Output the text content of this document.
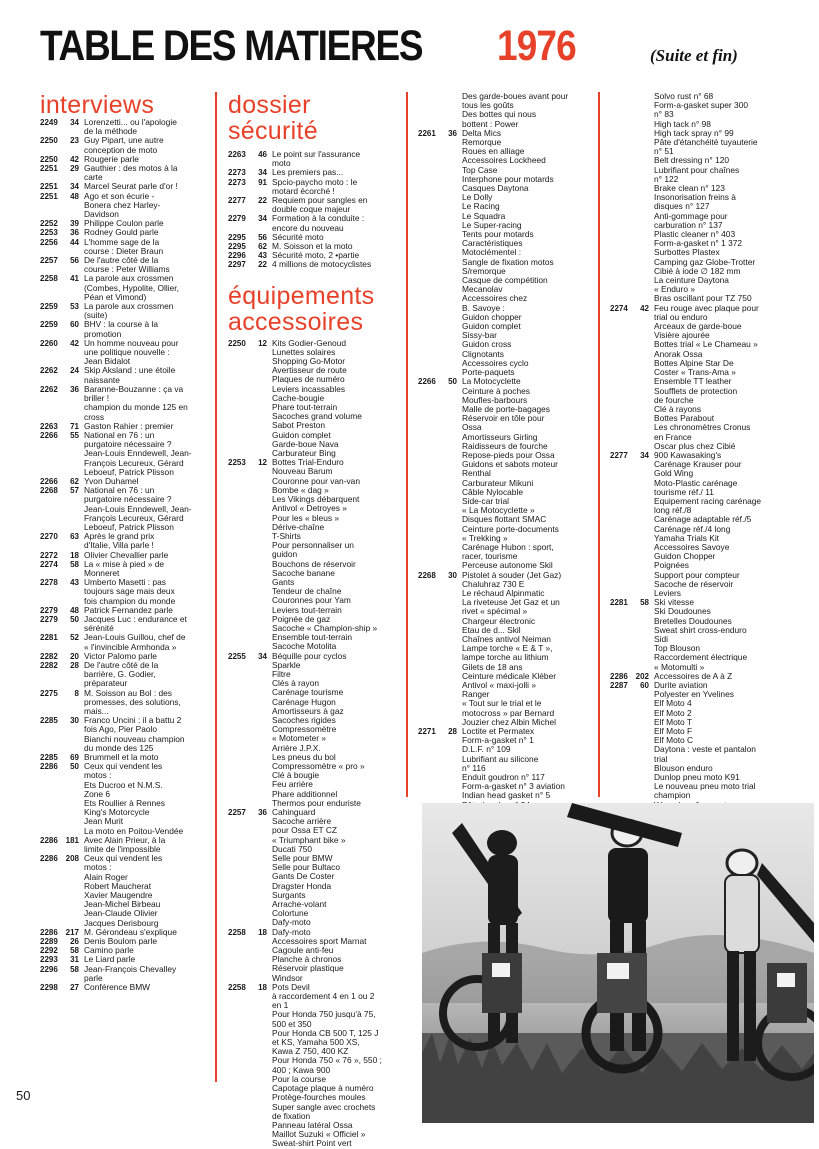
TABLE DES MATIERES 1976	(Suite et fin)
interviews
2249	34 Lorenzetti... ou l'apologie
de la méthode
2250	23 Guy Pipart, une autre
conception de moto
2250	42 Rougerie parle
2251	29 Gauthier : des motos à la
carte
2251	34 Marcel Seurat parle d'or !
2251	48 Ago et son écurie -
Bonera chez Harley-
Davidson
2252	39 Philippe Coulon parle
2253	36 Rodney Gould parle
2256	44 L'homme sage de la
course : Dieter Braun
2257	56 De l'autre côté de la
course : Peter Williams
2258	41 La parole aux crossmen
(Combes, Hypolite, Ollier,
Péan et Vimond)
2259	53 La parole aux crossmen
(suite)
2259	60 BHV : la course à la
promotion
2260	42 Un homme nouveau pour
une politique nouvelle :
Jean Bidalot
2262	24 Skip Aksland : une étoile
naissante
2262	36 Baranne-Bouzanne : ça va
briller !
champion du monde 125 en
cross
2263	71 Gaston Rahier : premier
2266	55 National en 76 : un
purgatoire nécessaire ?
Jean-Louis Enndewell, Jean-
François Lecureux, Gérard
Leboeuf, Patrick Plisson
2266	62 Yvon Duhamel
2268	57 National en 76 : un
purgatoire nécessaire ?
Jean-Louis Enndewell, Jean-
François Lecureux, Gérard
Leboeuf, Patrick Plisson
2270	63 Après le grand prix
d'Italie, Villa parle !
2272	18 Olivier Chevallier parle
2274	58 La « mise à pied » de
Monneret
2278	43 Umberto Masetti : pas
toujours sage mais deux
fois champion du monde
2279	48 Patrick Fernandez parle
2279	50 Jacques Luc : endurance et
sérénité
2281	52 Jean-Louis Guillou, chef de
« l'invincible Armhonda »
2282	20 Victor Palomo parle
2282	28 De l'autre côté de la
barrière, G. Godier,
préparateur
2275	8 M. Soisson au Bol : des
promesses, des solutions,
mais...
2285	30 Franco Uncini : il a battu 2
fois Ago, Pier Paolo
Bianchi nouveau champion
du monde des 125
2285	69 Brummell et la moto
2286	50 Ceux qui vendent les
motos :
Ets Ducroo et N.M.S.
Zone 6
Ets Roullier à Rennes
King's Motorcycle
Jean Murit
La moto en Poitou-Vendée
2286 181 Avec Alain Prieur, à la
limite de l'impossible
2286 208 Ceux qui vendent les
motos :
Alain Roger
Robert Maucherat
Xavier Maugendre
Jean-Michel Birbeau
Jean-Claude Olivier
Jacques Derisbourg
2286 217 M. Gérondeau s'explique
2289	26 Denis Boulom parle
2292	58 Camino parle
2293	31 Le Liard parle
2296	58 Jean-François Chevalley
parle
2298	27 Conférence BMW
dossier
sécurité
2263	46 Le point sur l'assurance
moto
2273	34 Les premiers pas...
2273	91 Spcio-paycho moto : le
motard écorché !
2277	22 Requiem pour sangles en
double coque majeur
2279	34 Formation à la conduite :
encore du nouveau
2295	56 Sécurité moto
2295	62 M. Soisson et la moto
2296	43 Sécurité moto, 2 •partie
2297	22 4 millions de motocyclistes
équipements
accessoires
2250	12 Kits Godier-Genoud
Lunettes solaires
Shopping Go-Motor
Avertisseur de route
Plaques de numéro
Leviers incassables
Cache-bougie
Phare tout-terrain
Sacoches grand volume
Sabot Preston
Guidon complet
Garde-boue Nava
Carburateur Bing
2253	12 Bottes Trial-Enduro
Nouveau Barum
Couronne pour van-van
Bombe « dag »
Les Vikings débarquent
Antivol « Detroyes »
Pour les « bleus »
Dérive-chaîne
T-Shirts
Pour personnaliser un
guidon
Bouchons de réservoir
Sacoche banane
Gants
Tendeur de chaîne
Couronnes pour Yam
Leviers tout-terrain
Poignée de gaz
Sacoche « Champion-ship »
Ensemble tout-terrain
Sacoche Motolita
2255	34 Béquille pour cyclos
Sparkle
Filtre
Clés à rayon
Carénage tourisme
Carénage Hugon
Amortisseurs à gaz
Sacoches rigides
Compressomètre
« Motometer »
Arrière J.P.X.
Les pneus du bol
Compressomètre « pro »
Clé à bougie
Feu arrière
Phare additionnel
Thermos pour enduriste
2257	36 Cahinguard
Sacoche arrière
pour Ossa ET CZ
« Triumphant bike »
Ducati 750
Selle pour BMW
Selle pour Bultaco
Gants De Coster
Dragster Honda
Surgants
Arrache-volant
Colortune
Dafy-moto
2258	18 Dafy-moto
Accessoires sport Marnat
Cagoule anti-feu
Planche à chronos
Réservoir plastique
Windsor
2258	18 Pots Devil
à raccordement 4 en 1 ou 2
en 1
Pour Honda 750 jusqu'à 75,
500 et 350
Pour Honda CB 500 T, 125 J
et KS, Yamaha 500 XS,
Kawa Z 750, 400 KZ
Pour Honda 750 « 76 », 550 ;
400 ; Kawa 900
Pour la course
Capotage plaque à numéro
Protège-fourches moules
Super sangle avec crochets
de fixation
Panneau latéral Ossa
Maillot Suzuki « Officiel »
Sweat-shirt Point vert
Des garde-boues avant pour
tous les goûts
Des bottes qui nous
bottent : Power
2261	36 Delta Mics
Remorque
Roues en alliage
Accessoires Lockheed
Top Case
Interphone pour motards
Casques Daytona
Le Dolly
Le Racing
Le Squadra
Le Super-racing
Tents pour motards
Caractéristiques
Motoclémentel :
Sangle de fixation motos
S/remorque
Casque de compétition
Mecanolav
Accessoires chez
B. Savoye :
Guidon chopper
Guidon complet
Sissy-bar
Guidon cross
Clignotants
Accessoires cyclo
Porte-paquets
2266	50 La Motocyclette
Ceinture à poches
Moufles-barbours
Malle de porte-bagages
Réservoir en tôle pour
Ossa
Amortisseurs Girling
Raidisseurs de fourche
Repose-pieds pour Ossa
Guidons et sabots moteur
Renthal
Carburateur Mikuni
Câble Nylocable
Side-car trial
« La Motocyclette »
Disques flottant SMAC
Ceinture porte-documents
« Trekking »
Carénage Hubon : sport,
racer, tourisme
Perceuse autonome Skil
2268	30 Pistolet à souder (Jet Gaz)
Chaluhraz 730 E
Le réchaud Alpinmatic
La riveteuse Jet Gaz et un
rivet « spécimal »
Chargeur électronic
Etau de d... Skil
Chaînes antivol Neiman
Lampe torche « E & T »,
lampe torche au lithium
Gilets de 18 ans
Ceinture médicale Kléber
Antivol « maxi-jolli »
Ranger
« Tout sur le trial et le
motocross » par Bernard
Jouzier chez Albin Michel
2271	28 Loctite et Permatex
Form-a-gasket n° 1
D.L.F. n° 109
Lubrifiant au silicone
n° 116
Enduit goudron n° 117
Form-a-gasket n° 3 aviation
Indian head gasket n° 5
Solvo rust n° 68
Form-a-gasket super 300
n° 83
High tack n° 98
High tack spray n° 99
Pâte d'étanchéité tuyauterie
n° 51
Belt dressing n° 120
Lubrifiant pour chaînes
n° 122
Brake clean n° 123
Insonorisation freins à
disques n° 127
Anti-gommage pour
carburation n° 137
Plastic cleaner n° 403
Form-a-gasket n° 1 372
Surbottes Plastex
Camping gaz Globe-Trotter
Cibié à iode ∅ 182 mm
La ceinture Daytona
« Enduro »
Bras oscillant pour TZ 750
2274	42 Feu rouge avec plaque pour
trial ou enduro
Arceaux de garde-boue
Visière ajourée
Bottes trial « Le Chameau »
Anorak Ossa
Bottes Alpine Star De
Coster « Trans-Ama »
Ensemble TT leather
Soufflets de protection
de fourche
Clé à rayons
Bottes Parabout
Les chronomètres Cronus
en France
Oscar plus chez Cibié
2277	34 900 Kawasaking's
Carénage Krauser pour
Gold Wing
Moto-Plastic carénage
tourisme réf./ 11
Equipement racing carénage
long réf./8
Carénage adaptable réf./5
Carénage réf./4 long
Yamaha Trials Kit
Accessoires Savoye
Guidon Chopper
Poignées
Support pour compteur
Sacoche de réservoir
Leviers
2281	58 Ski vitesse
Ski Doudounes
Bretelles Doudounes
Sweat shirt cross-enduro
Sidi
Top Blouson
Raccordement électrique
« Motomulti »
2286 202 Accessoires de A à Z
2287	60 Durite aviation
Polyester en Yvelines
Elf Moto 4
Elf Moto 2
Elf Moto T
Elf Moto F
Elf Moto C
Daytona : veste et pantalon
trial
Blouson enduro
Dunlop pneu moto K91
Le nouveau pneu moto trial
champion
50
